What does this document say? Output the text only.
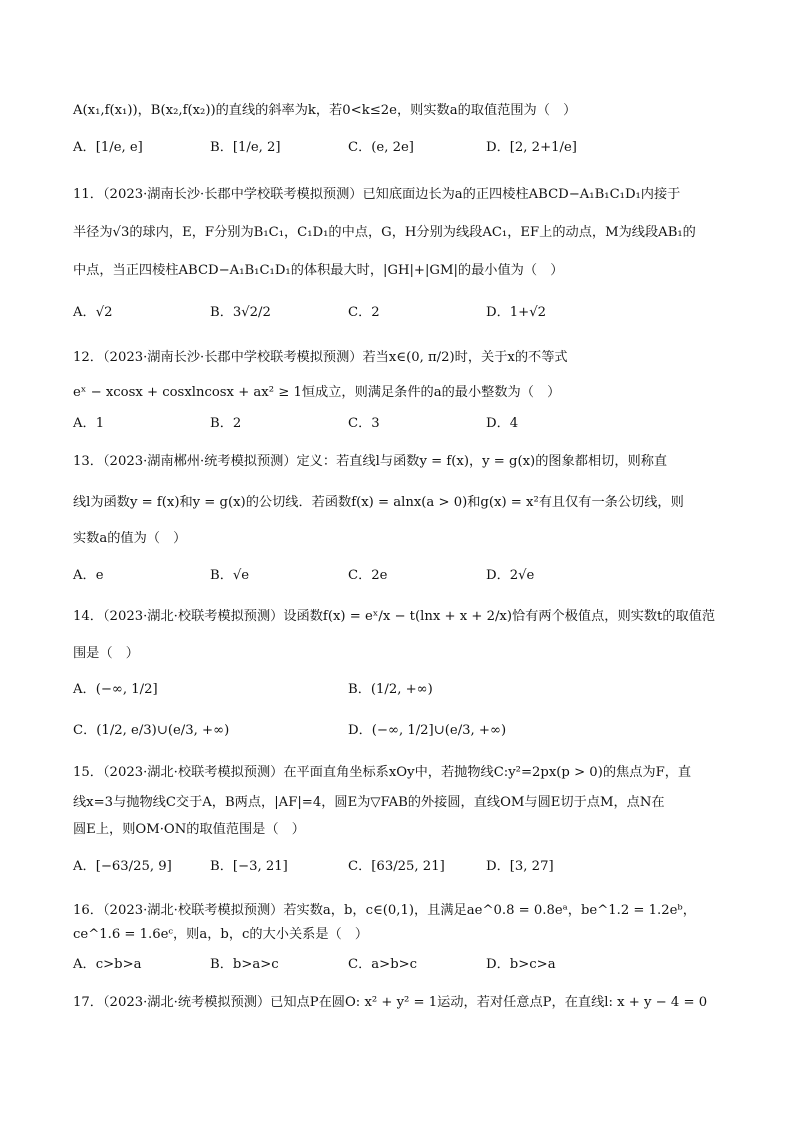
A(x₁,f(x₁))，B(x₂,f(x₂))的直线的斜率为k，若0<k≤2e，则实数a的取值范围为（　）
A．[1/e, e]	B．[1/e, 2]	C．(e, 2e]	D．[2, 2+1/e]
11．（2023·湖南长沙·长郡中学校联考模拟预测）已知底面边长为a的正四棱柱ABCD−A₁B₁C₁D₁内接于
半径为√3的球内，E，F分别为B₁C₁，C₁D₁的中点，G，H分别为线段AC₁，EF上的动点，M为线段AB₁的
中点，当正四棱柱ABCD−A₁B₁C₁D₁的体积最大时，|GH|+|GM|的最小值为（　）
A．√2	B．3√2/2	C．2	D．1+√2
12．（2023·湖南长沙·长郡中学校联考模拟预测）若当x∈(0, π/2)时，关于x的不等式
eˣ − xcosx + cosxlncosx + ax² ≥ 1恒成立，则满足条件的a的最小整数为（　）
A．1	B．2	C．3	D．4
13．（2023·湖南郴州·统考模拟预测）定义：若直线l与函数y = f(x)，y = g(x)的图象都相切，则称直
线l为函数y = f(x)和y = g(x)的公切线．若函数f(x) = alnx(a > 0)和g(x) = x²有且仅有一条公切线，则
实数a的值为（　）
A．e	B．√e	C．2e	D．2√e
14．（2023·湖北·校联考模拟预测）设函数f(x) = eˣ/x − t(lnx + x + 2/x)恰有两个极值点，则实数t的取值范
围是（　）
A．(−∞, 1/2]	B．(1/2, +∞)
C．(1/2, e/3)∪(e/3, +∞)	D．(−∞, 1/2]∪(e/3, +∞)
15．（2023·湖北·校联考模拟预测）在平面直角坐标系xOy中，若抛物线C:y²=2px(p > 0)的焦点为F，直
线x=3与抛物线C交于A，B两点，|AF|=4，圆E为▽FAB的外接圆，直线OM与圆E切于点M，点N在
圆E上，则OM·ON的取值范围是（　）
A．[−63/25, 9]	B．[−3, 21]	C．[63/25, 21]	D．[3, 27]
16．（2023·湖北·校联考模拟预测）若实数a，b，c∈(0,1)，且满足ae^0.8 = 0.8eᵃ，be^1.2 = 1.2eᵇ，
ce^1.6 = 1.6eᶜ，则a，b，c的大小关系是（　）
A．c>b>a	B．b>a>c	C．a>b>c	D．b>c>a
17．（2023·湖北·统考模拟预测）已知点P在圆O: x² + y² = 1运动，若对任意点P，在直线l: x + y − 4 = 0
